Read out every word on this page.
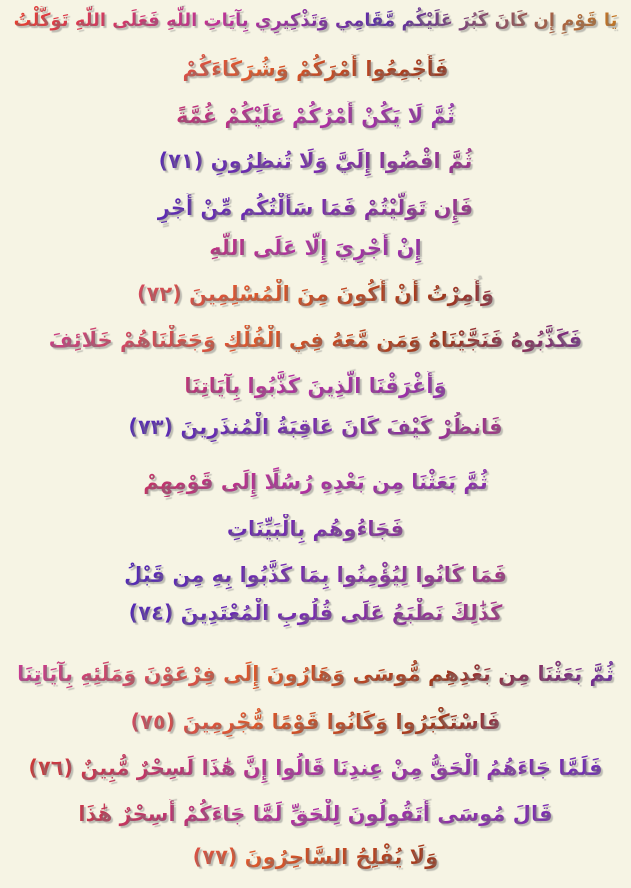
يَا قَوْمِ إِن كَانَ كَبُرَ عَلَيْكُم مَّقَامِي وَتَذْكِيرِي بِآيَاتِ اللَّهِ فَعَلَى اللَّهِ تَوَكَّلْتُ
فَأَجْمِعُوا أَمْرَكُمْ وَشُرَكَاءَكُمْ
ثُمَّ لَا يَكُنْ أَمْرُكُمْ عَلَيْكُمْ غُمَّةً
ثُمَّ اقْضُوا إِلَيَّ وَلَا تُنظِرُونِ (٧١)
فَإِن تَوَلَّيْتُمْ فَمَا سَأَلْتُكُم مِّنْ أَجْرٍ
إِنْ أَجْرِيَ إِلَّا عَلَى اللَّهِ
وَأُمِرْتُ أَنْ أَكُونَ مِنَ الْمُسْلِمِينَ (٧٢)
فَكَذَّبُوهُ فَنَجَّيْنَاهُ وَمَن مَّعَهُ فِي الْفُلْكِ وَجَعَلْنَاهُمْ خَلَائِفَ
وَأَغْرَقْنَا الَّذِينَ كَذَّبُوا بِآيَاتِنَا
فَانظُرْ كَيْفَ كَانَ عَاقِبَةُ الْمُنذَرِينَ (٧٣)
ثُمَّ بَعَثْنَا مِن بَعْدِهِ رُسُلًا إِلَى قَوْمِهِمْ
فَجَاءُوهُم بِالْبَيِّنَاتِ
فَمَا كَانُوا لِيُؤْمِنُوا بِمَا كَذَّبُوا بِهِ مِن قَبْلُ
كَذَٰلِكَ نَطْبَعُ عَلَى قُلُوبِ الْمُعْتَدِينَ (٧٤)
ثُمَّ بَعَثْنَا مِن بَعْدِهِم مُّوسَى وَهَارُونَ إِلَى فِرْعَوْنَ وَمَلَئِهِ بِآيَاتِنَا
فَاسْتَكْبَرُوا وَكَانُوا قَوْمًا مُّجْرِمِينَ (٧٥)
فَلَمَّا جَاءَهُمُ الْحَقُّ مِنْ عِندِنَا قَالُوا إِنَّ هَٰذَا لَسِحْرٌ مُّبِينٌ (٧٦)
قَالَ مُوسَى أَتَقُولُونَ لِلْحَقِّ لَمَّا جَاءَكُمْ أَسِحْرٌ هَٰذَا
وَلَا يُفْلِحُ السَّاحِرُونَ (٧٧)
